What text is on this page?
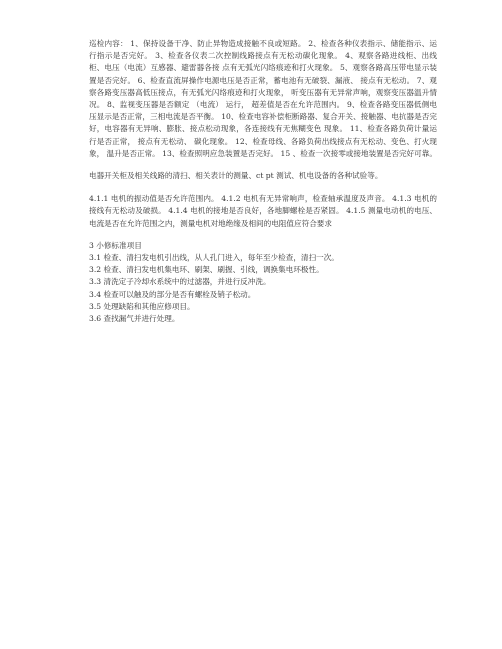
巡检内容： 1、保持设备干净、防止异物造成接触不良或短路。 2、检查各种仪表指示、储能指示、运行指示是否完好。 3、检查各仪表二次控制线路接点有无松动碳化现象。 4、观察各路进线柜、出线柜、电压（电流）互感器、避雷器各接 点有无弧光闪络痕迹和打火现象。 5、观察各路高压带电显示装置是否完好。 6、检查直流屏操作电源电压是否正常，蓄电池有无破裂、漏液、 接点有无松动。 7、观察各路变压器高低压接点，有无弧光闪络痕迹和打火现象， 听变压器有无异常声响，观察变压器温升情况。 8、监视变压器是否额定 （电流） 运行， 超差值是否在允许范围内。 9、检查各路变压器低侧电压显示是否正常，三相电流是否平衡。 10、检查电容补偿柜断路器、复合开关、接触器、电抗器是否完 好，电容器有无异响、膨胀、接点松动现象，各连接线有无焦糊变色 现象。 11、检查各路负荷计量运行是否正常， 接点有无松动、 碳化现象。 12、检查母线、各路负荷出线接点有无松动、变色、打火现象， 温升是否正常。 13、检查照明应急装置是否完好。 15 、检查一次接零或接地装置是否完好可靠。

电器开关柜及相关线路的清扫、相关表计的测量、ct pt 测试、机电设备的各种试验等。

4.1.1 电机的振动值是否允许范围内。 4.1.2 电机有无异常响声，检查轴承温度及声音。 4.1.3 电机的接线有无松动及破损。 4.1.4 电机的接地是否良好，各地脚螺栓是否紧固。 4.1.5 测量电动机的电压、电流是否在允许范围之内，测量电机对地绝缘及相间的电阻值应符合要求

3 小修标准项目

3.1 检查、清扫发电机引出线，从人孔门进入，每年至少检查，清扫一次。

3.2 检查、清扫发电机集电环、刷架、刷握、引线，调换集电环极性。

3.3 清洗定子冷却水系统中的过滤器，并进行反冲洗。

3.4 检查可以触及的部分是否有螺栓及销子松动。

3.5 处理缺陷和其他应修项目。

3.6 查找漏气并进行处理。
